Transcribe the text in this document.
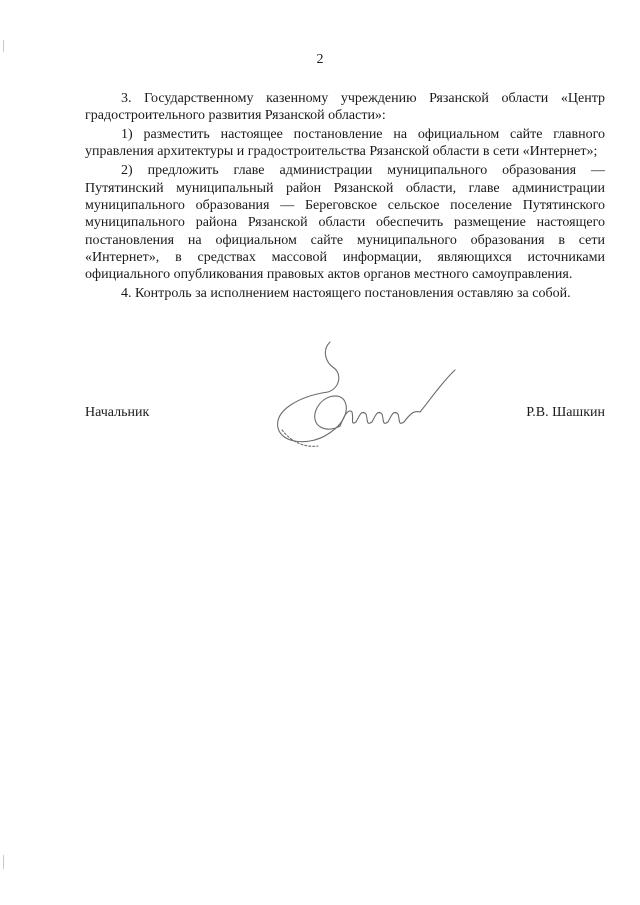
2

3. Государственному казенному учреждению Рязанской области «Центр градостроительного развития Рязанской области»:

1) разместить настоящее постановление на официальном сайте главного управления архитектуры и градостроительства Рязанской области в сети «Интернет»;

2) предложить главе администрации муниципального образования — Путятинский муниципальный район Рязанской области, главе администрации муниципального образования — Береговское сельское поселение Путятинского муниципального района Рязанской области обеспечить размещение настоящего постановления на официальном сайте муниципального образования в сети «Интернет», в средствах массовой информации, являющихся источниками официального опубликования правовых актов органов местного самоуправления.

4. Контроль за исполнением настоящего постановления оставляю за собой.

Начальник	Р.В. Шашкин
